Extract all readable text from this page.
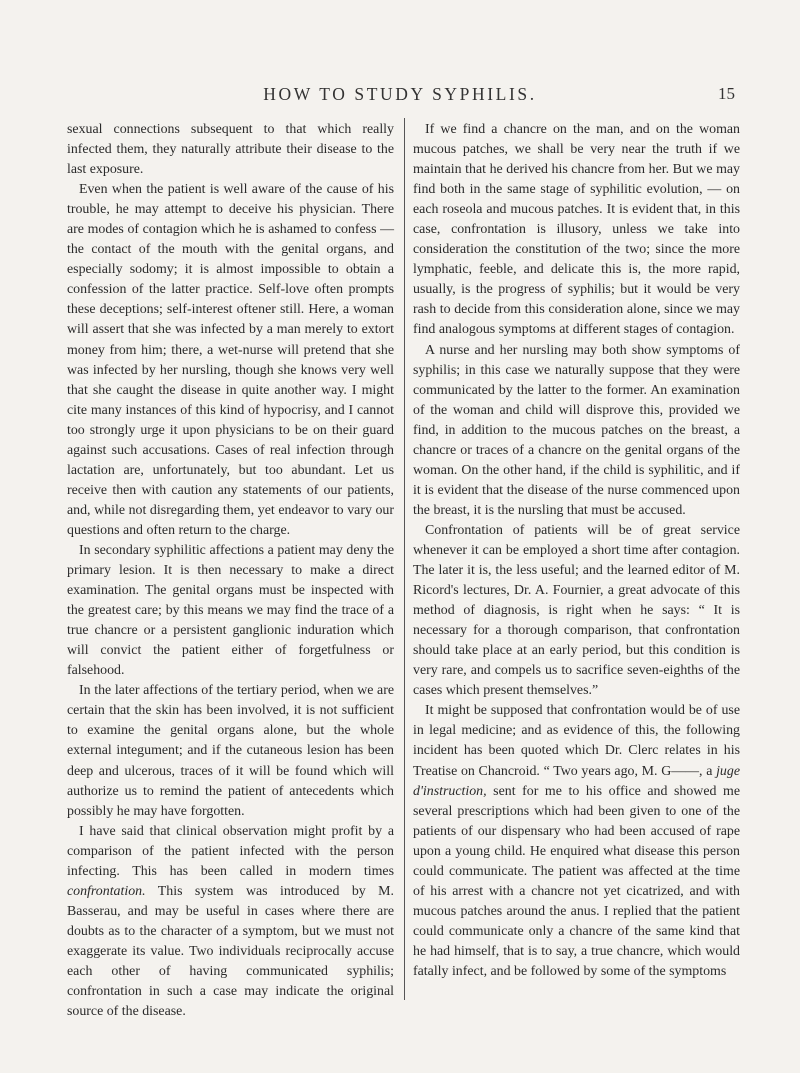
HOW TO STUDY SYPHILIS.	15

sexual connections subsequent to that which really infected them, they naturally attribute their disease to the last exposure.

Even when the patient is well aware of the cause of his trouble, he may attempt to deceive his physician. There are modes of contagion which he is ashamed to confess — the contact of the mouth with the genital organs, and especially sodomy; it is almost impossible to obtain a confession of the latter practice. Self-love often prompts these deceptions; self-interest oftener still. Here, a woman will assert that she was infected by a man merely to extort money from him; there, a wet-nurse will pretend that she was infected by her nursling, though she knows very well that she caught the disease in quite another way. I might cite many instances of this kind of hypocrisy, and I cannot too strongly urge it upon physicians to be on their guard against such accusations. Cases of real infection through lactation are, unfortunately, but too abundant. Let us receive then with caution any statements of our patients, and, while not disregarding them, yet endeavor to vary our questions and often return to the charge.

In secondary syphilitic affections a patient may deny the primary lesion. It is then necessary to make a direct examination. The genital organs must be inspected with the greatest care; by this means we may find the trace of a true chancre or a persistent ganglionic induration which will convict the patient either of forgetfulness or falsehood.

In the later affections of the tertiary period, when we are certain that the skin has been involved, it is not sufficient to examine the genital organs alone, but the whole external integument; and if the cutaneous lesion has been deep and ulcerous, traces of it will be found which will authorize us to remind the patient of antecedents which possibly he may have forgotten.

I have said that clinical observation might profit by a comparison of the patient infected with the person infecting. This has been called in modern times confrontation. This system was introduced by M. Basserau, and may be useful in cases where there are doubts as to the character of a symptom, but we must not exaggerate its value. Two individuals reciprocally accuse each other of having communicated syphilis; confrontation in such a case may indicate the original source of the disease.

If we find a chancre on the man, and on the woman mucous patches, we shall be very near the truth if we maintain that he derived his chancre from her. But we may find both in the same stage of syphilitic evolution, — on each roseola and mucous patches. It is evident that, in this case, confrontation is illusory, unless we take into consideration the constitution of the two; since the more lymphatic, feeble, and delicate this is, the more rapid, usually, is the progress of syphilis; but it would be very rash to decide from this consideration alone, since we may find analogous symptoms at different stages of contagion.

A nurse and her nursling may both show symptoms of syphilis; in this case we naturally suppose that they were communicated by the latter to the former. An examination of the woman and child will disprove this, provided we find, in addition to the mucous patches on the breast, a chancre or traces of a chancre on the genital organs of the woman. On the other hand, if the child is syphilitic, and if it is evident that the disease of the nurse commenced upon the breast, it is the nursling that must be accused.

Confrontation of patients will be of great service whenever it can be employed a short time after contagion. The later it is, the less useful; and the learned editor of M. Ricord's lectures, Dr. A. Fournier, a great advocate of this method of diagnosis, is right when he says: “ It is necessary for a thorough comparison, that confrontation should take place at an early period, but this condition is very rare, and compels us to sacrifice seven-eighths of the cases which present themselves.”

It might be supposed that confrontation would be of use in legal medicine; and as evidence of this, the following incident has been quoted which Dr. Clerc relates in his Treatise on Chancroid. “ Two years ago, M. G——, a juge d'instruction, sent for me to his office and showed me several prescriptions which had been given to one of the patients of our dispensary who had been accused of rape upon a young child. He enquired what disease this person could communicate. The patient was affected at the time of his arrest with a chancre not yet cicatrized, and with mucous patches around the anus. I replied that the patient could communicate only a chancre of the same kind that he had himself, that is to say, a true chancre, which would fatally infect, and be followed by some of the symptoms
